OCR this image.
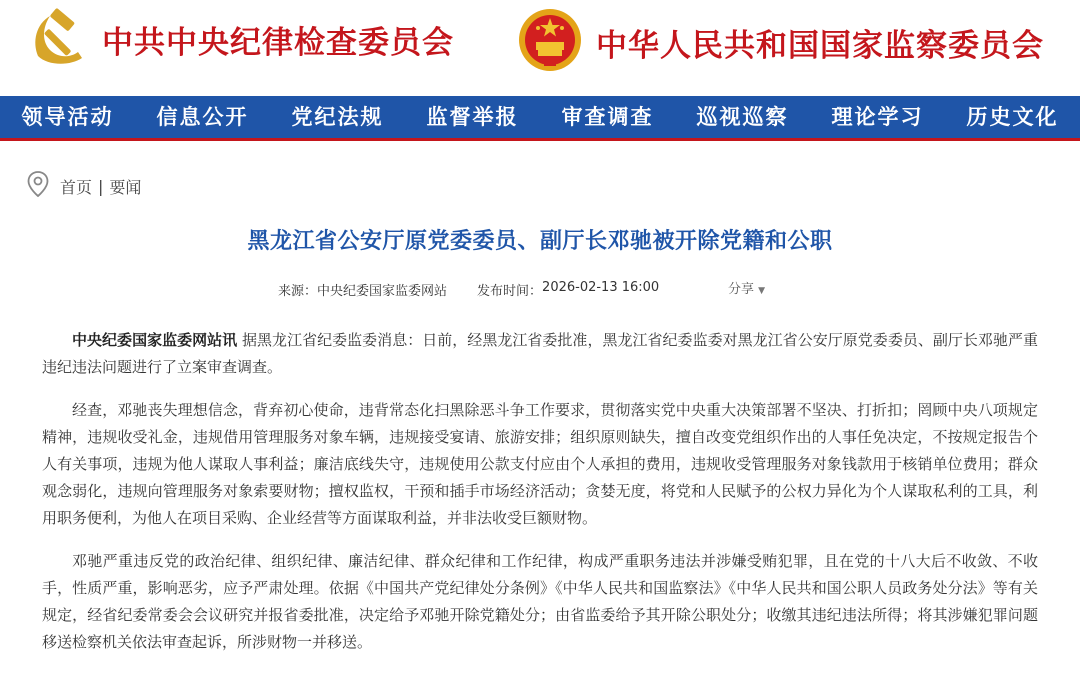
中共中央纪律检查委员会	中华人民共和国国家监察委员会
领导活动	信息公开	党纪法规	监督举报	审查调查	巡视巡察	理论学习	历史文化
首页 | 要闻
黑龙江省公安厅原党委委员、副厅长邓驰被开除党籍和公职
来源： 中央纪委国家监委网站 发布时间： 2026-02-13 16:00	分享 ▼

中央纪委国家监委网站讯 据黑龙江省纪委监委消息：日前，经黑龙江省委批准，黑龙江省纪委监委对黑龙江省公安厅原党委委员、副厅长邓驰严重违纪违法问题进行了立案审查调查。

经查，邓驰丧失理想信念，背弃初心使命，违背常态化扫黑除恶斗争工作要求，贯彻落实党中央重大决策部署不坚决、打折扣；罔顾中央八项规定精神，违规收受礼金，违规借用管理服务对象车辆，违规接受宴请、旅游安排；组织原则缺失，擅自改变党组织作出的人事任免决定，不按规定报告个人有关事项，违规为他人谋取人事利益；廉洁底线失守，违规使用公款支付应由个人承担的费用，违规收受管理服务对象钱款用于核销单位费用；群众观念弱化，违规向管理服务对象索要财物；擅权监权，干预和插手市场经济活动；贪婪无度，将党和人民赋予的公权力异化为个人谋取私利的工具，利用职务便利，为他人在项目采购、企业经营等方面谋取利益，并非法收受巨额财物。

邓驰严重违反党的政治纪律、组织纪律、廉洁纪律、群众纪律和工作纪律，构成严重职务违法并涉嫌受贿犯罪，且在党的十八大后不收敛、不收手，性质严重，影响恶劣，应予严肃处理。依据《中国共产党纪律处分条例》《中华人民共和国监察法》《中华人民共和国公职人员政务处分法》等有关规定，经省纪委常委会会议研究并报省委批准，决定给予邓驰开除党籍处分；由省监委给予其开除公职处分；收缴其违纪违法所得；将其涉嫌犯罪问题移送检察机关依法审查起诉，所涉财物一并移送。
